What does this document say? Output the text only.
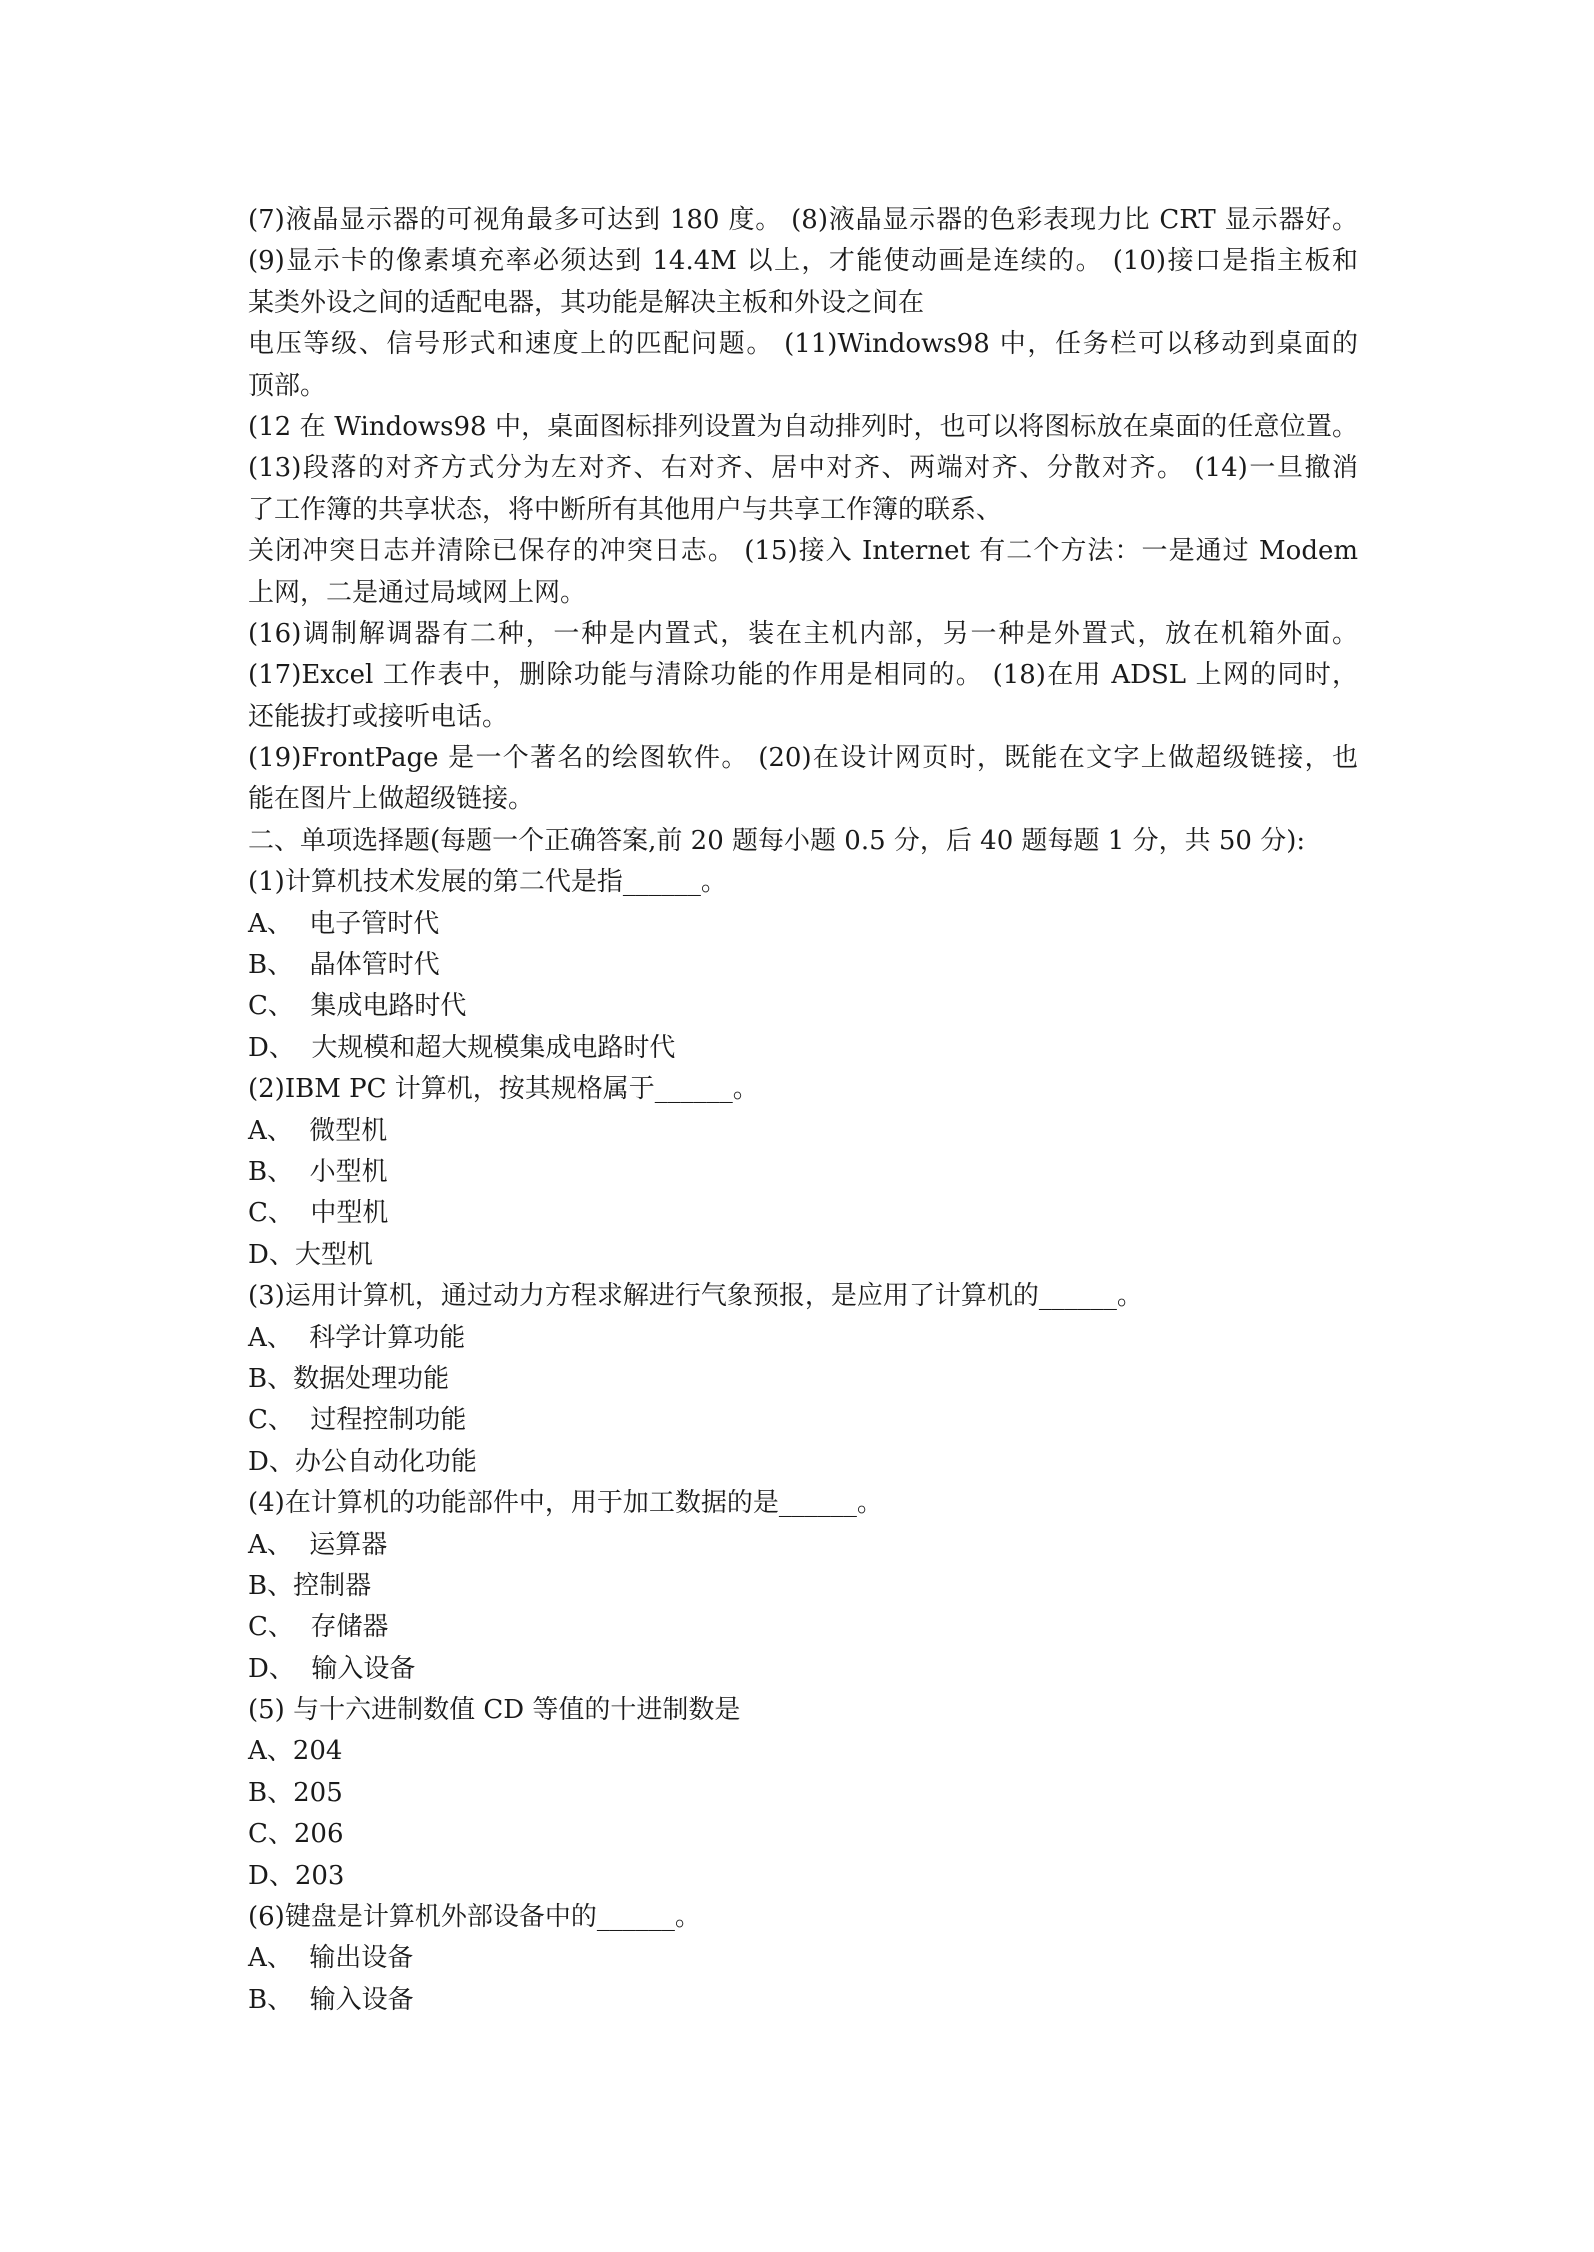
(7)液晶显示器的可视角最多可达到 180 度。 (8)液晶显示器的色彩表现力比 CRT 显示器好。
(9)显示卡的像素填充率必须达到 14.4M 以上，才能使动画是连续的。 (10)接口是指主板和
某类外设之间的适配电器，其功能是解决主板和外设之间在
电压等级、信号形式和速度上的匹配问题。 (11)Windows98 中，任务栏可以移动到桌面的
顶部。
(12 在 Windows98 中，桌面图标排列设置为自动排列时，也可以将图标放在桌面的任意位置。
(13)段落的对齐方式分为左对齐、右对齐、居中对齐、两端对齐、分散对齐。 (14)一旦撤消
了工作簿的共享状态，将中断所有其他用户与共享工作簿的联系、
关闭冲突日志并清除已保存的冲突日志。 (15)接入 Internet 有二个方法：一是通过 Modem
上网，二是通过局域网上网。
(16)调制解调器有二种，一种是内置式，装在主机内部，另一种是外置式，放在机箱外面。
(17)Excel 工作表中，删除功能与清除功能的作用是相同的。 (18)在用 ADSL 上网的同时，
还能拔打或接听电话。
(19)FrontPage 是一个著名的绘图软件。 (20)在设计网页时，既能在文字上做超级链接，也
能在图片上做超级链接。
二、单项选择题(每题一个正确答案,前 20 题每小题 0.5 分，后 40 题每题 1 分，共 50 分):
(1)计算机技术发展的第二代是指______。
A、  电子管时代
B、  晶体管时代
C、  集成电路时代
D、  大规模和超大规模集成电路时代
(2)IBM PC 计算机，按其规格属于______。
A、  微型机
B、  小型机
C、  中型机
D、大型机
(3)运用计算机，通过动力方程求解进行气象预报，是应用了计算机的______。
A、  科学计算功能
B、数据处理功能
C、  过程控制功能
D、办公自动化功能
(4)在计算机的功能部件中，用于加工数据的是______。
A、  运算器
B、控制器
C、  存储器
D、  输入设备
(5) 与十六进制数值 CD 等值的十进制数是
A、204
B、205
C、206
D、203
(6)键盘是计算机外部设备中的______。
A、  输出设备
B、  输入设备
